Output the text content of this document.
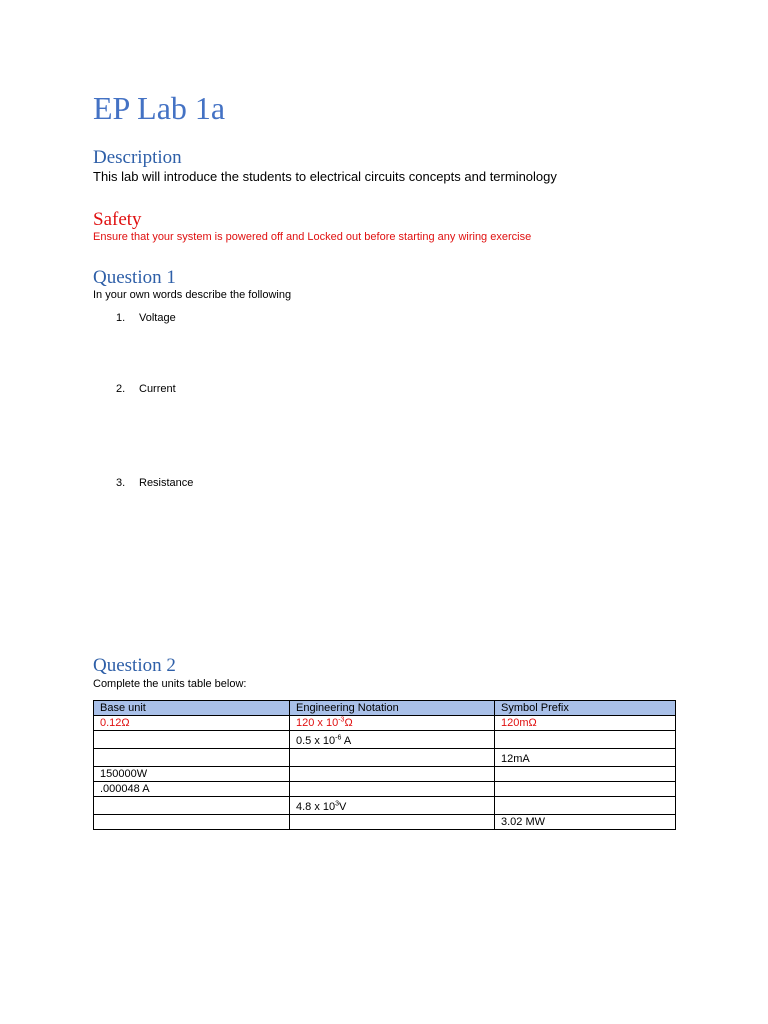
EP Lab 1a
Description
This lab will introduce the students to electrical circuits concepts and terminology
Safety
Ensure that your system is powered off and Locked out before starting any wiring exercise
Question 1
In your own words describe the following
1. Voltage
2. Current
3. Resistance
Question 2
Complete the units table below:
Base unit	Engineering Notation	Symbol Prefix
0.12Ω	120 x $10^{-3}\Omega$	120mΩ
	0.5 x $10^{-6}$ A	
		12mA
150000W		
.000048 A		
	4.8 x $10^3V$	
		3.02 MW
